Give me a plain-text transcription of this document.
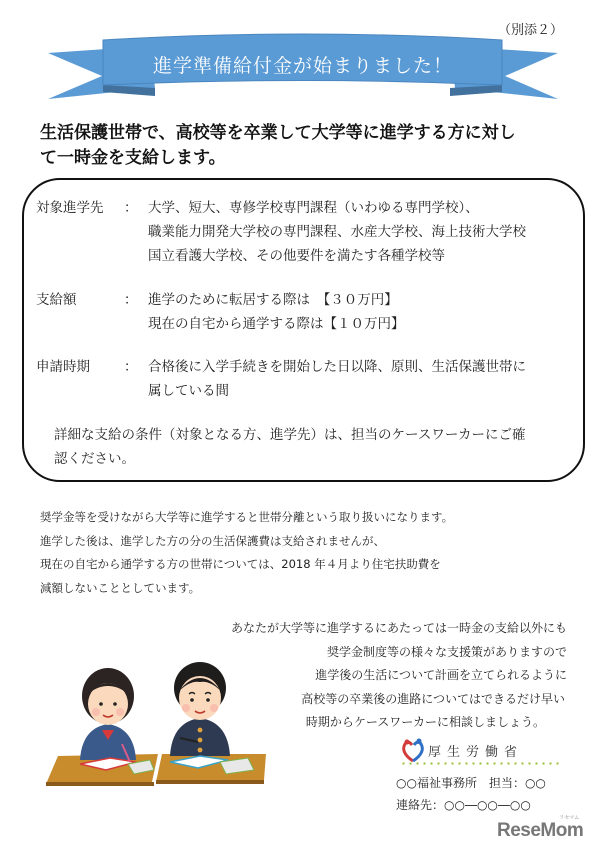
（別添２）
進学準備給付金が始まりました！
生活保護世帯で、高校等を卒業して大学等に進学する方に対し
て一時金を支給します。
対象進学先	： 大学、短大、専修学校専門課程（いわゆる専門学校）、
職業能力開発大学校の専門課程、水産大学校、海上技術大学校
国立看護大学校、その他要件を満たす各種学校等
支給額	： 進学のために転居する際は　【３０万円】
現在の自宅から通学する際は【１０万円】
申請時期	： 合格後に入学手続きを開始した日以降、原則、生活保護世帯に
属している間
詳細な支給の条件（対象となる方、進学先）は、担当のケースワーカーにご確
認ください。
奨学金等を受けながら大学等に進学すると世帯分離という取り扱いになります。
進学した後は、進学した方の分の生活保護費は支給されませんが、
現在の自宅から通学する方の世帯については、2018 年４月より住宅扶助費を
減額しないこととしています。
あなたが大学等に進学するにあたっては一時金の支給以外にも
奨学金制度等の様々な支援策がありますので
進学後の生活について計画を立てられるように
高校等の卒業後の進路についてはできるだけ早い
時期からケースワーカーに相談しましょう。
厚生労働省
○○福祉事務所　担当：○○
連絡先：○○―○○―○○
ReseMom
リセマム
